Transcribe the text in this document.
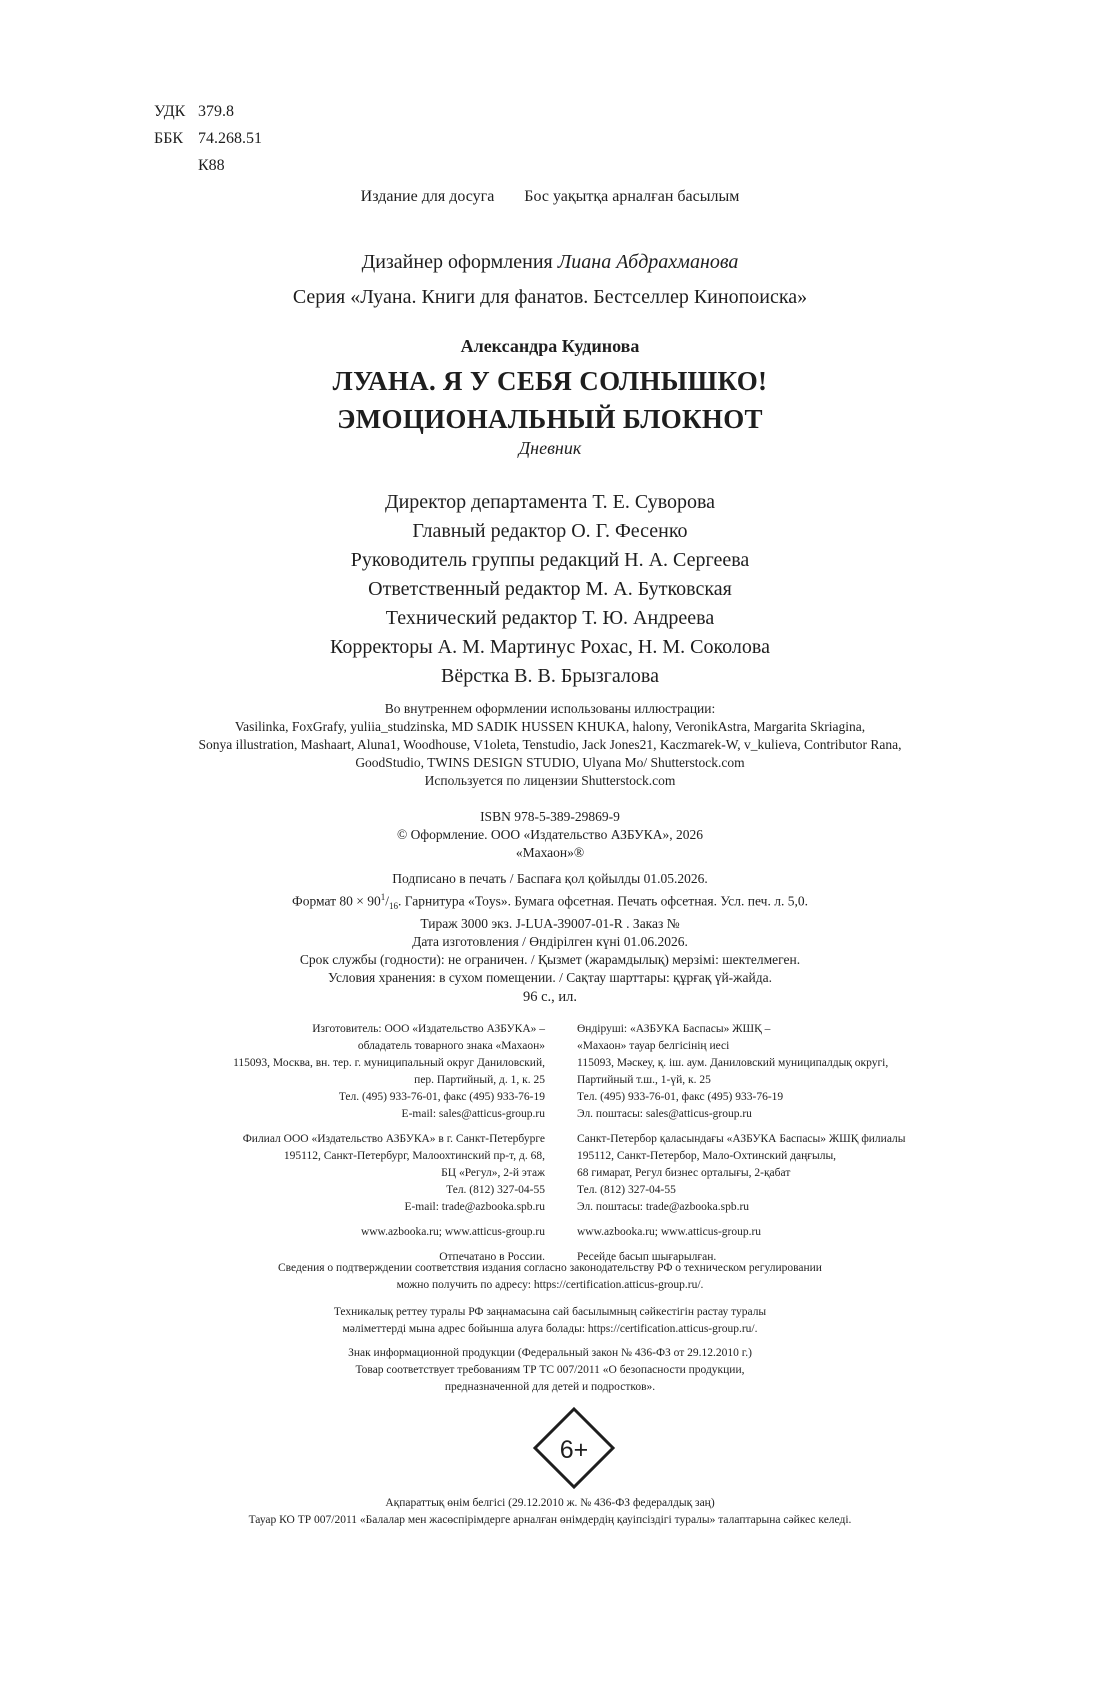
УДК 379.8
ББК 74.268.51
К88
Издание для досуга Бос уақытқа арналған басылым
Дизайнер оформления Лиана Абдрахманова
Серия «Луана. Книги для фанатов. Бестселлер Кинопоиска»
Александра Кудинова
ЛУАНА. Я У СЕБЯ СОЛНЫШКО!
ЭМОЦИОНАЛЬНЫЙ БЛОКНОТ
Дневник
Директор департамента Т. Е. Суворова
Главный редактор О. Г. Фесенко
Руководитель группы редакций Н. А. Сергеева
Ответственный редактор М. А. Бутковская
Технический редактор Т. Ю. Андреева
Корректоры А. М. Мартинус Рохас, Н. М. Соколова
Вёрстка В. В. Брызгалова
Во внутреннем оформлении использованы иллюстрации:
Vasilinka, FoxGrafy, yuliia_studzinska, MD SADIK HUSSEN KHUKA, halony, VeronikAstra, Margarita Skriagina,
Sonya illustration, Mashaart, Aluna1, Woodhouse, V1oleta, Tenstudio, Jack Jones21, Kaczmarek-W, v_kulieva, Contributor Rana,
GoodStudio, TWINS DESIGN STUDIO, Ulyana Mo/ Shutterstock.com
Используется по лицензии Shutterstock.com
ISBN 978-5-389-29869-9
© Оформление. ООО «Издательство АЗБУКА», 2026
«Махаон»®
Подписано в печать / Баспаға қол қойылды 01.05.2026.
Формат $80 \times 90^1/_{16}$. Гарнитура «Toys». Бумага офсетная. Печать офсетная. Усл. печ. л. 5,0.
Тираж 3000 экз. J-LUA-39007-01-R . Заказ №
Дата изготовления / Өндірілген күні 01.06.2026.
Срок службы (годности): не ограничен. / Қызмет (жарамдылық) мерзімі: шектелмеген.
Условия хранения: в сухом помещении. / Сақтау шарттары: құрғақ үй-жайда.
96 с., ил.
Изготовитель: ООО «Издательство АЗБУКА» –
обладатель товарного знака «Махаон»
115093, Москва, вн. тер. г. муниципальный округ Даниловский,
пер. Партийный, д. 1, к. 25
Тел. (495) 933-76-01, факс (495) 933-76-19
E-mail: sales@atticus-group.ru
Филиал ООО «Издательство АЗБУКА» в г. Санкт-Петербурге
195112, Санкт-Петербург, Малоохтинский пр-т, д. 68,
БЦ «Регул», 2-й этаж
Тел. (812) 327-04-55
E-mail: trade@azbooka.spb.ru
www.azbooka.ru; www.atticus-group.ru
Отпечатано в России.
Өндіруші: «АЗБУКА Баспасы» ЖШҚ –
«Махаон» тауар белгісінің иесі
115093, Мәскеу, қ. іш. аум. Даниловский муниципалдық округі,
Партийный т.ш., 1-үй, к. 25
Тел. (495) 933-76-01, факс (495) 933-76-19
Эл. поштасы: sales@atticus-group.ru
Санкт-Петербор қаласындағы «АЗБУКА Баспасы» ЖШҚ филиалы
195112, Санкт-Петербор, Мало-Охтинский даңғылы,
68 гимарат, Регул бизнес орталығы, 2-қабат
Тел. (812) 327-04-55
Эл. поштасы: trade@azbooka.spb.ru
www.azbooka.ru; www.atticus-group.ru
Ресейде басып шығарылған.
Сведения о подтверждении соответствия издания согласно законодательству РФ о техническом регулировании
можно получить по адресу: https://certification.atticus-group.ru/.
Техникалық реттеу туралы РФ заңнамасына сай басылымның сәйкестігін растау туралы
мәліметтерді мына адрес бойынша алуға болады: https://certification.atticus-group.ru/.
Знак информационной продукции (Федеральный закон № 436-ФЗ от 29.12.2010 г.)
Товар соответствует требованиям ТР ТС 007/2011 «О безопасности продукции,
предназначенной для детей и подростков».
6+
Ақпараттық өнім белгісі (29.12.2010 ж. № 436-ФЗ федералдық заң)
Тауар КО ТР 007/2011 «Балалар мен жасөспірімдерге арналған өнімдердің қауіпсіздігі туралы» талаптарына сәйкес келеді.
